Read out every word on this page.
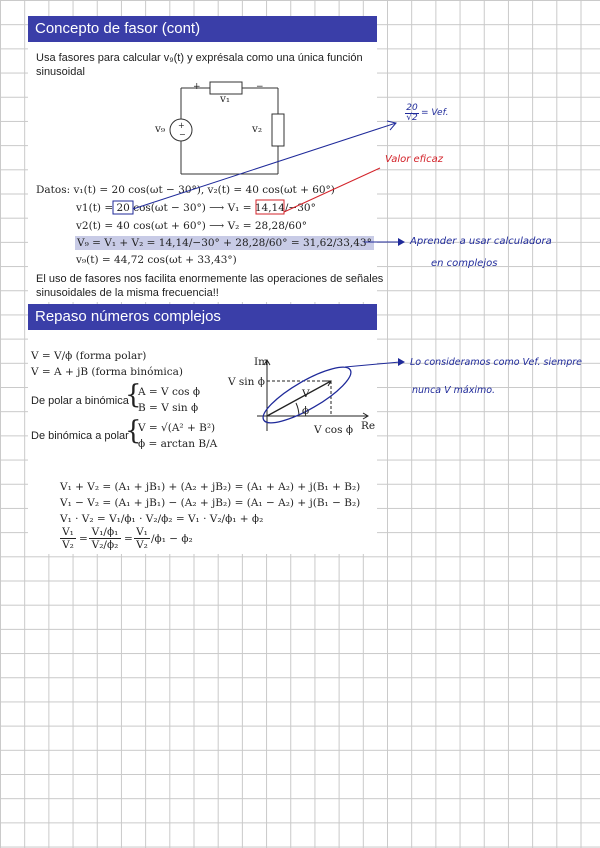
Concepto de fasor (cont)
Usa fasores para calcular v₉(t) y exprésala como una única función
sinusoidal
+	−
v₁
v₂
v₉ +
−
Datos: v₁(t) = 20 cos(ωt − 30°), v₂(t) = 40 cos(ωt + 60°)
v1(t) = 20 cos(ωt − 30°) ⟶ V₁ = 14,14/−30°
v2(t) = 40 cos(ωt + 60°) ⟶ V₂ = 28,28/60°
V₉ = V₁ + V₂ = 14,14/−30° + 28,28/60° = 31,62/33,43°
v₉(t) = 44,72 cos(ωt + 33,43°)
El uso de fasores nos facilita enormemente las operaciones de señales
sinusoidales de la misma frecuencia!!
Repaso números complejos
V = V/ϕ (forma polar)
V = A + jB (forma binómica)
De polar a binómica
{
A = V cos ϕ
B = V sin ϕ
De binómica a polar
{
V = √(A² + B²)
ϕ = arctan B/A
Im
Re
V sin ϕ
V cos ϕ
V
ϕ
V₁ + V₂ = (A₁ + jB₁) + (A₂ + jB₂) = (A₁ + A₂) + j(B₁ + B₂)
V₁ − V₂ = (A₁ + jB₁) − (A₂ + jB₂) = (A₁ − A₂) + j(B₁ − B₂)
V₁ · V₂ = V₁/ϕ₁ · V₂/ϕ₂ = V₁ · V₂/ϕ₁ + ϕ₂
$\frac{\text{V₁}}{\text{V₂}} = \frac{\text{V₁/ϕ₁}}{\text{V₂/ϕ₂}} = \frac{\text{V₁}}{\text{V₂}} /\phi_1 - \phi_2$
$\frac{20}{√2}$ = Vef.
Valor eficaz
Aprender a usar calculadora
en complejos
Lo consideramos como Vef. siempre
nunca V máximo.
